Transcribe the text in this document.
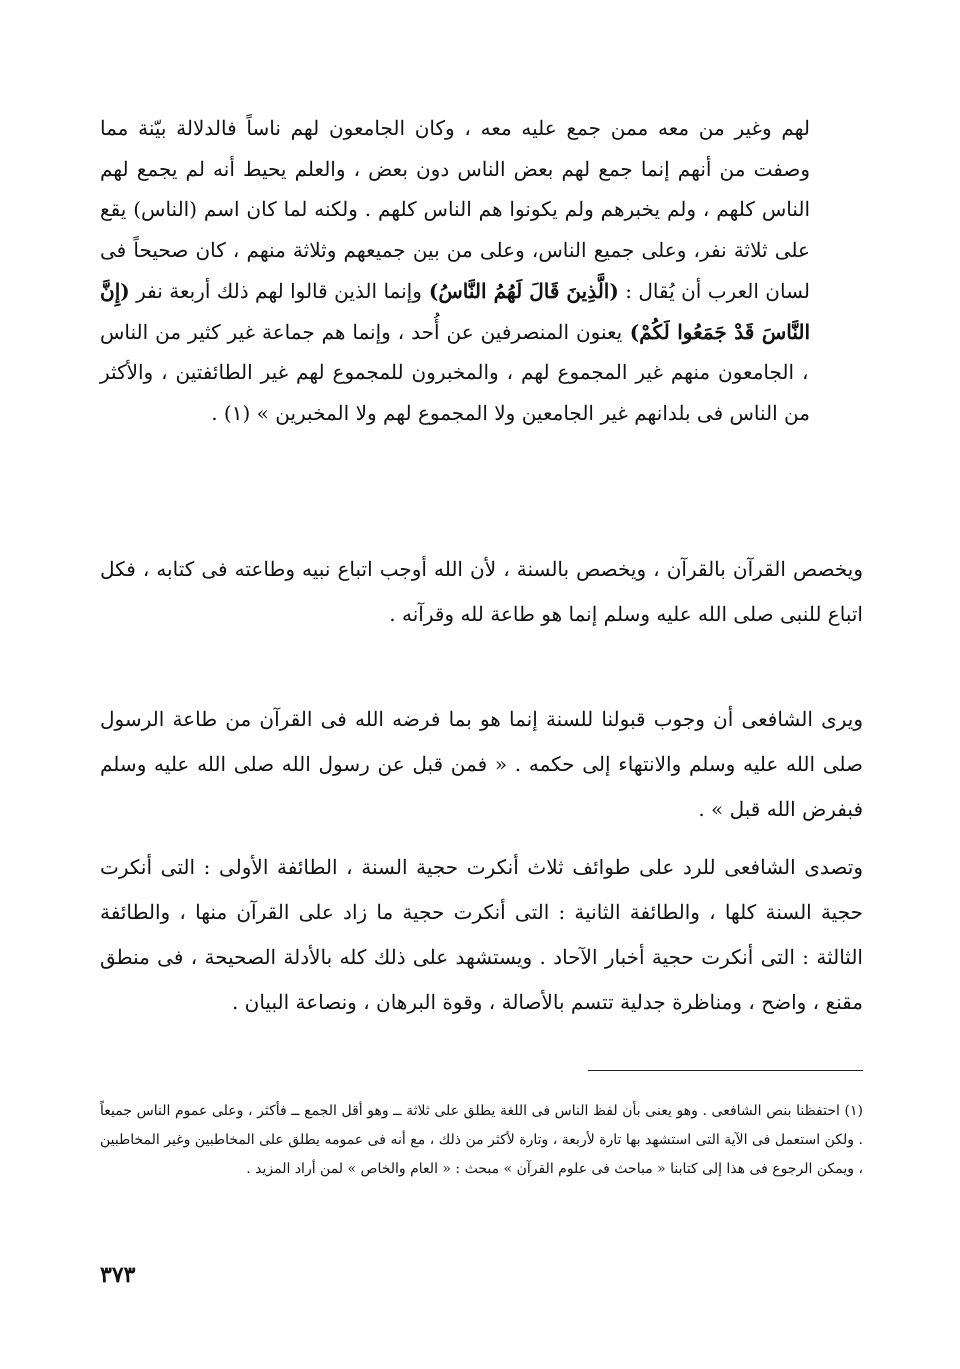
لهم وغير من معه ممن جمع عليه معه ، وكان الجامعون لهم ناساً فالدلالة بيّنة مما وصفت من أنهم إنما جمع لهم بعض الناس دون بعض ، والعلم يحيط أنه لم يجمع لهم الناس كلهم ، ولم يخبرهم ولم يكونوا هم الناس كلهم . ولكنه لما كان اسم (الناس) يقع على ثلاثة نفر، وعلى جميع الناس، وعلى من بين جميعهم وثلاثة منهم ، كان صحيحاً فى لسان العرب أن يُقال : (الَّذِينَ قَالَ لَهُمُ النَّاسُ) وإنما الذين قالوا لهم ذلك أربعة نفر (إِنَّ النَّاسَ قَدْ جَمَعُوا لَكُمْ) يعنون المنصرفين عن أُحد ، وإنما هم جماعة غير كثير من الناس ، الجامعون منهم غير المجموع لهم ، والمخبرون للمجموع لهم غير الطائفتين ، والأكثر من الناس فى بلدانهم غير الجامعين ولا المجموع لهم ولا المخبرين » (١) .

ويخصص القرآن بالقرآن ، ويخصص بالسنة ، لأن الله أوجب اتباع نبيه وطاعته فى كتابه ، فكل اتباع للنبى صلى الله عليه وسلم إنما هو طاعة لله وقرآنه .

ويرى الشافعى أن وجوب قبولنا للسنة إنما هو بما فرضه الله فى القرآن من طاعة الرسول صلى الله عليه وسلم والانتهاء إلى حكمه . « فمن قبل عن رسول الله صلى الله عليه وسلم فبفرض الله قبل » .

وتصدى الشافعى للرد على طوائف ثلاث أنكرت حجية السنة ، الطائفة الأولى : التى أنكرت حجية السنة كلها ، والطائفة الثانية : التى أنكرت حجية ما زاد على القرآن منها ، والطائفة الثالثة : التى أنكرت حجية أخبار الآحاد . ويستشهد على ذلك كله بالأدلة الصحيحة ، فى منطق مقنع ، واضح ، ومناظرة جدلية تتسم بالأصالة ، وقوة البرهان ، ونصاعة البيان .

(١) احتفظنا بنص الشافعى . وهو يعنى بأن لفظ الناس فى اللغة يطلق على ثلاثة ــ وهو أقل الجمع ــ فأكثر ، وعلى عموم الناس جميعاً . ولكن استعمل فى الآية التى استشهد بها تارة لأربعة ، وتارة لأكثر من ذلك ، مع أنه فى عمومه يطلق على المخاطبين وغير المخاطبين ، ويمكن الرجوع فى هذا إلى كتابنا « مباحث فى علوم القرآن » مبحث : « العام والخاص » لمن أراد المزيد .

٣٧٣
